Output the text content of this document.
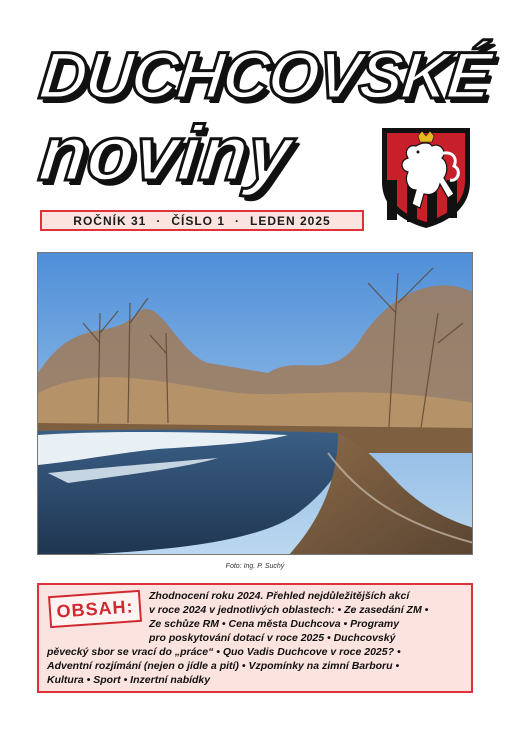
DUCHCOVSKÉ
noviny
ROČNÍK 31 · ČÍSLO 1 · LEDEN 2025
Foto: Ing. P. Suchý
OBSAH:	Zhodnocení roku 2024. Přehled nejdůležitějších akcí
v roce 2024 v jednotlivých oblastech: • Ze zasedání ZM •
Ze schůze RM • Cena města Duchcova • Programy
pro poskytování dotací v roce 2025 • Duchcovský
pěvecký sbor se vrací do „práce“ • Quo Vadis Duchcove v roce 2025? •
Adventní rozjímání (nejen o jídle a pití) • Vzpomínky na zimní Barboru •
Kultura • Sport • Inzertní nabídky
